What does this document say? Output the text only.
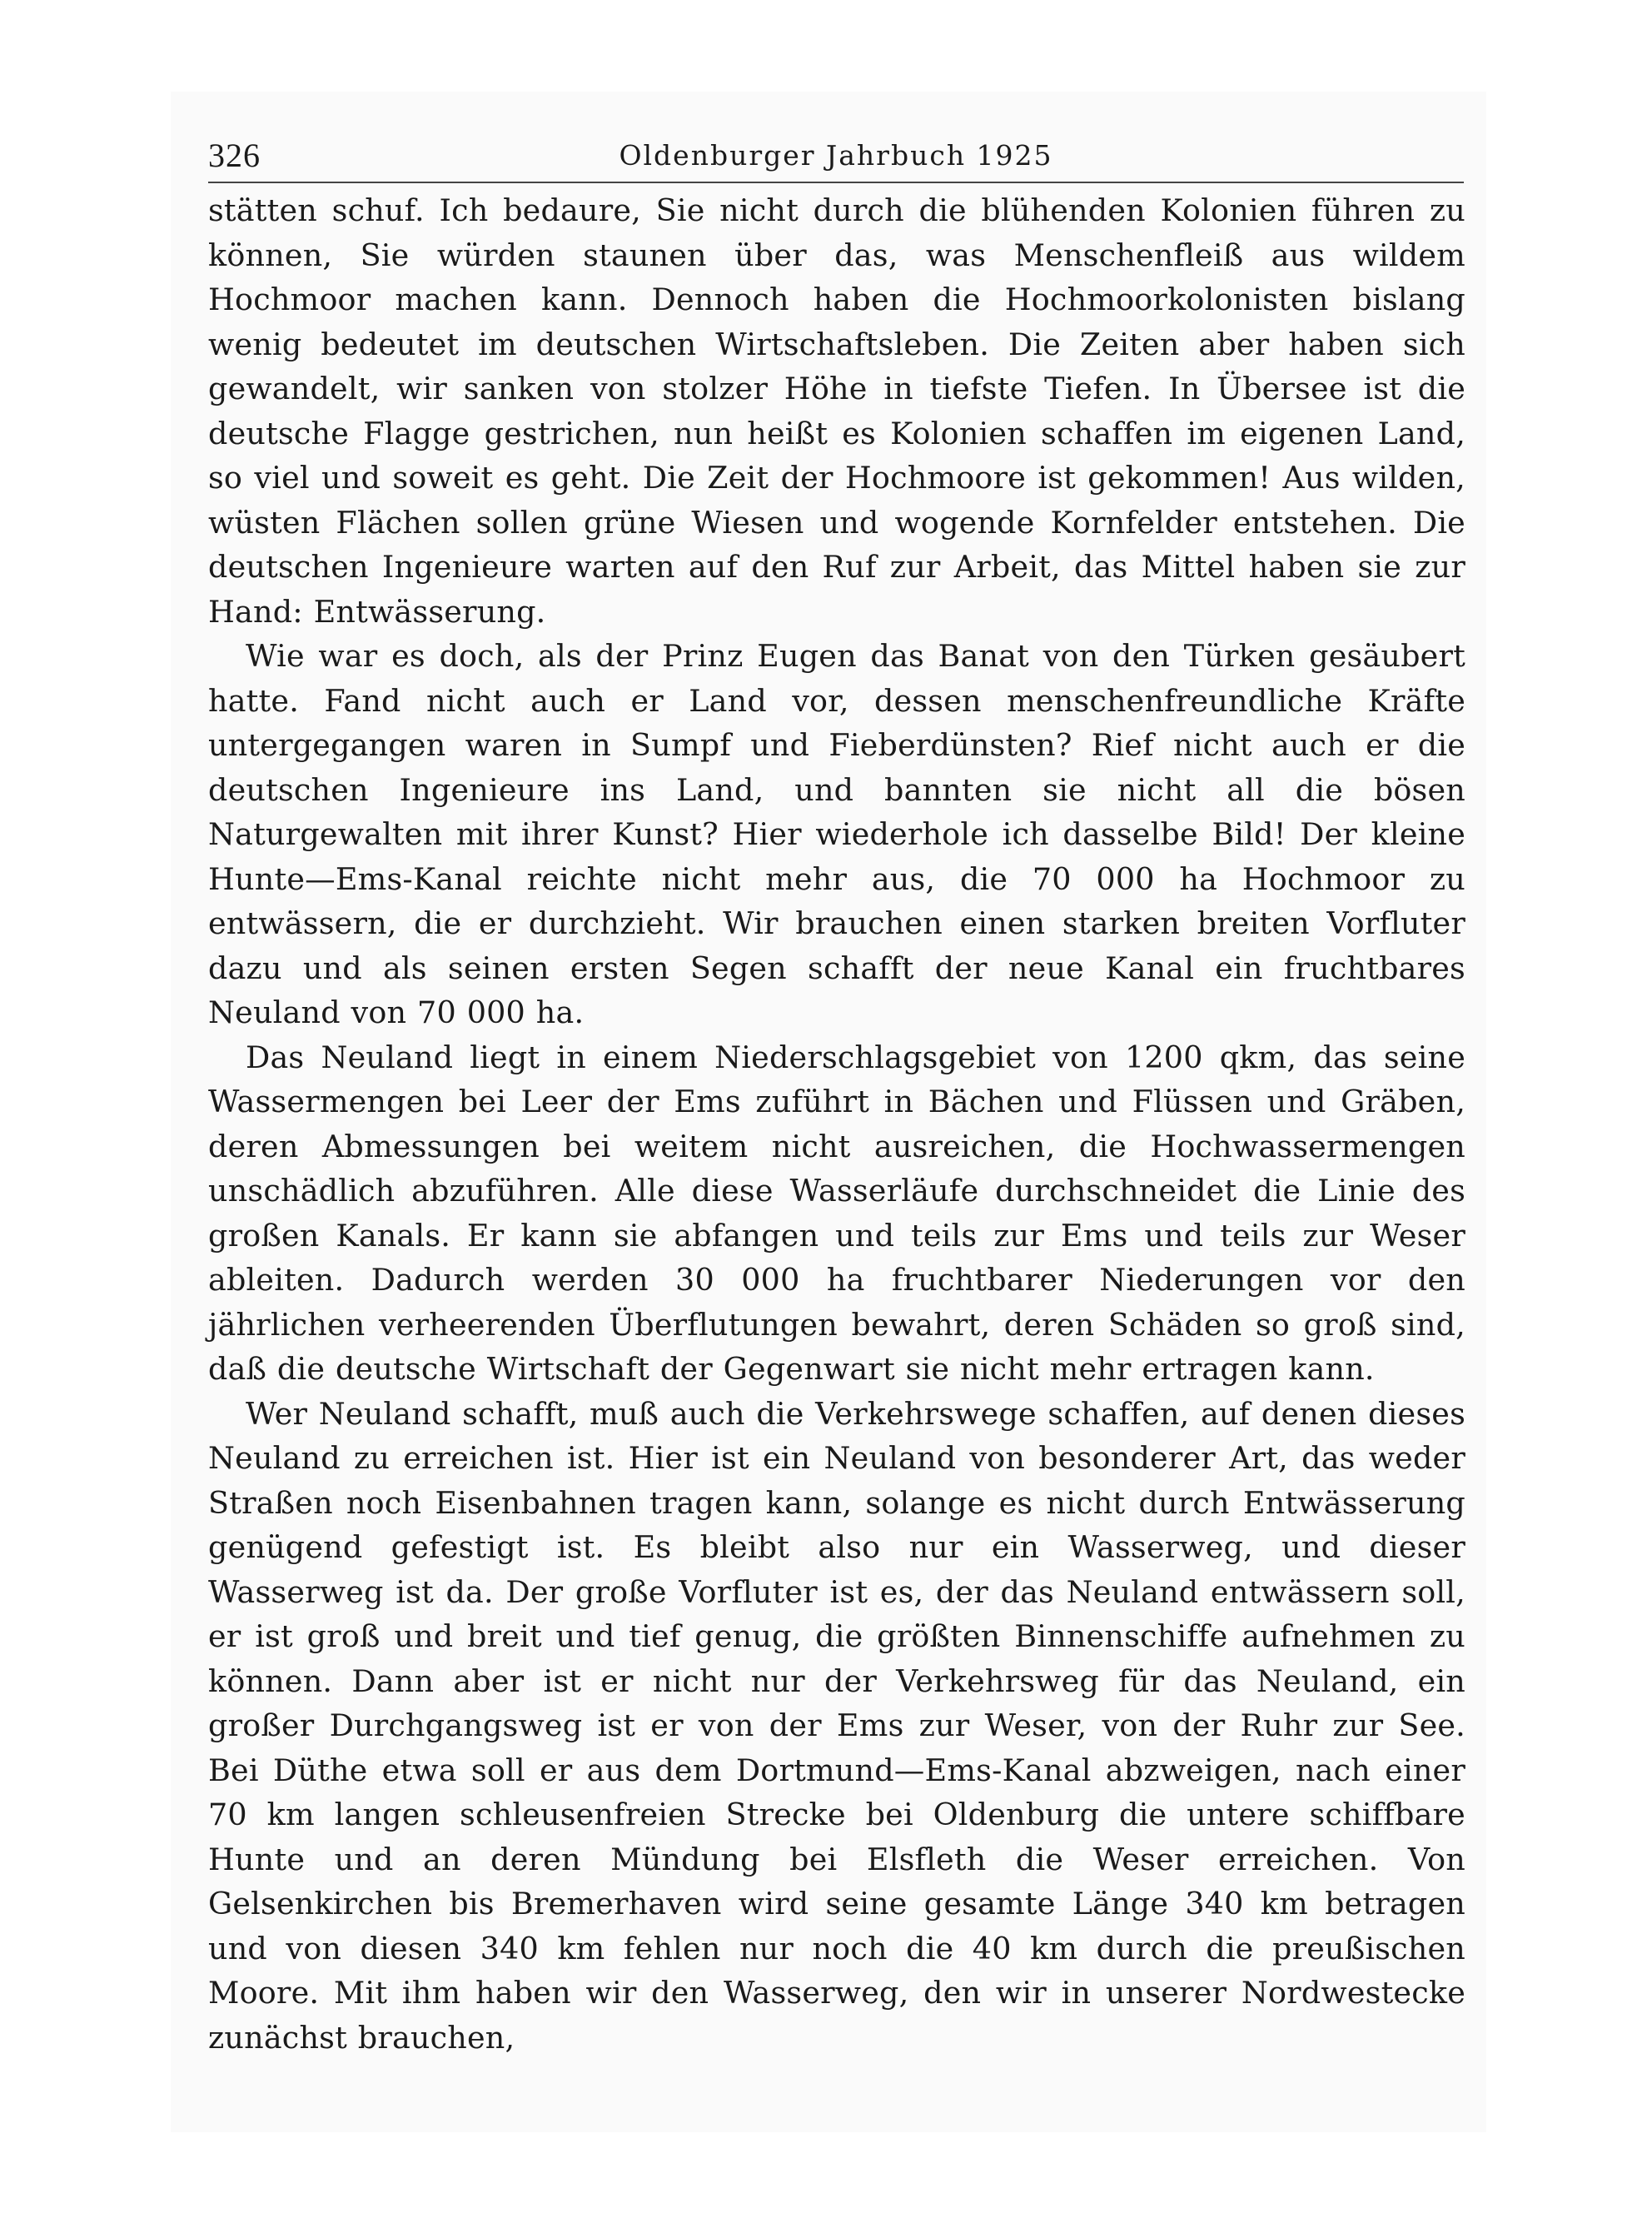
326	Oldenburger Jahrbuch 1925

stätten schuf. Ich bedaure, Sie nicht durch die blühenden Kolonien führen zu können, Sie würden staunen über das, was Menschenfleiß aus wildem Hochmoor machen kann. Dennoch haben die Hochmoorkolonisten bislang wenig bedeutet im deutschen Wirtschaftsleben. Die Zeiten aber haben sich gewandelt, wir sanken von stolzer Höhe in tiefste Tiefen. In Übersee ist die deutsche Flagge gestrichen, nun heißt es Kolonien schaffen im eigenen Land, so viel und soweit es geht. Die Zeit der Hochmoore ist gekommen! Aus wilden, wüsten Flächen sollen grüne Wiesen und wogende Kornfelder entstehen. Die deutschen Ingenieure warten auf den Ruf zur Arbeit, das Mittel haben sie zur Hand: Entwässerung.

Wie war es doch, als der Prinz Eugen das Banat von den Türken gesäubert hatte. Fand nicht auch er Land vor, dessen menschenfreundliche Kräfte untergegangen waren in Sumpf und Fieberdünsten? Rief nicht auch er die deutschen Ingenieure ins Land, und bannten sie nicht all die bösen Naturgewalten mit ihrer Kunst? Hier wiederhole ich dasselbe Bild! Der kleine Hunte—Ems-Kanal reichte nicht mehr aus, die 70 000 ha Hochmoor zu entwässern, die er durchzieht. Wir brauchen einen starken breiten Vorfluter dazu und als seinen ersten Segen schafft der neue Kanal ein fruchtbares Neuland von 70 000 ha.

Das Neuland liegt in einem Niederschlagsgebiet von 1200 qkm, das seine Wassermengen bei Leer der Ems zuführt in Bächen und Flüssen und Gräben, deren Abmessungen bei weitem nicht ausreichen, die Hochwassermengen unschädlich abzuführen. Alle diese Wasserläufe durchschneidet die Linie des großen Kanals. Er kann sie abfangen und teils zur Ems und teils zur Weser ableiten. Dadurch werden 30 000 ha fruchtbarer Niederungen vor den jährlichen verheerenden Überflutungen bewahrt, deren Schäden so groß sind, daß die deutsche Wirtschaft der Gegenwart sie nicht mehr ertragen kann.

Wer Neuland schafft, muß auch die Verkehrswege schaffen, auf denen dieses Neuland zu erreichen ist. Hier ist ein Neuland von besonderer Art, das weder Straßen noch Eisenbahnen tragen kann, solange es nicht durch Entwässerung genügend gefestigt ist. Es bleibt also nur ein Wasserweg, und dieser Wasserweg ist da. Der große Vorfluter ist es, der das Neuland entwässern soll, er ist groß und breit und tief genug, die größten Binnenschiffe aufnehmen zu können. Dann aber ist er nicht nur der Verkehrsweg für das Neuland, ein großer Durchgangsweg ist er von der Ems zur Weser, von der Ruhr zur See. Bei Düthe etwa soll er aus dem Dortmund—Ems-Kanal abzweigen, nach einer 70 km langen schleusenfreien Strecke bei Oldenburg die untere schiffbare Hunte und an deren Mündung bei Elsfleth die Weser erreichen. Von Gelsenkirchen bis Bremerhaven wird seine gesamte Länge 340 km betragen und von diesen 340 km fehlen nur noch die 40 km durch die preußischen Moore. Mit ihm haben wir den Wasserweg, den wir in unserer Nordwestecke zunächst brauchen,
